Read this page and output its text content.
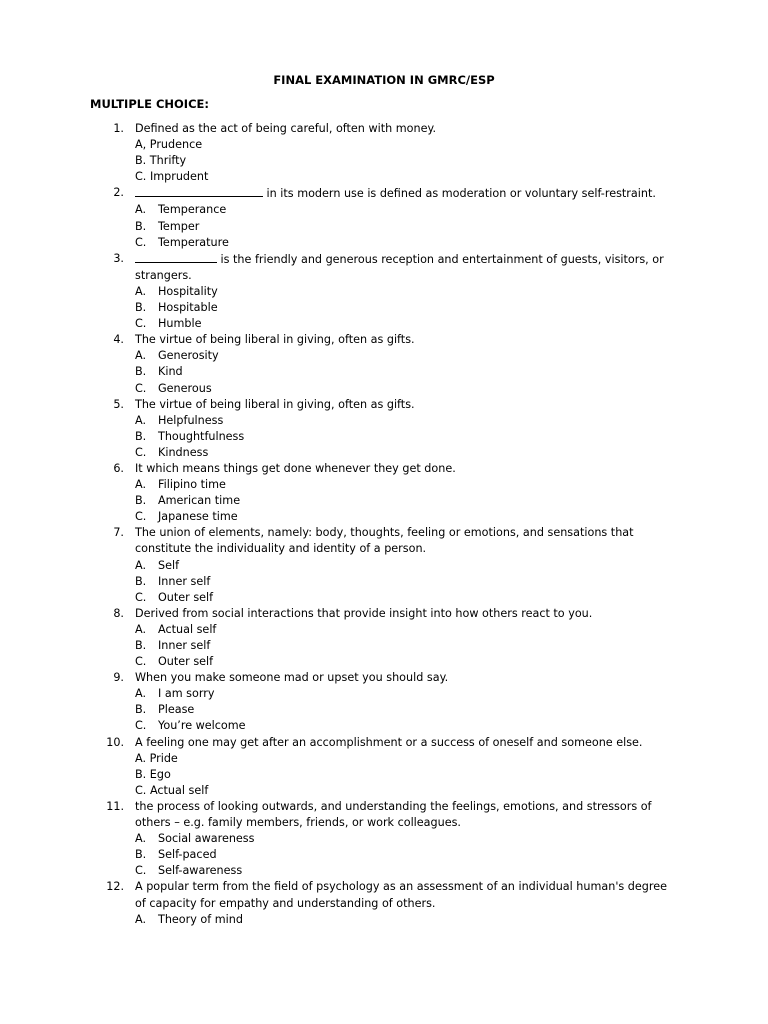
FINAL EXAMINATION IN GMRC/ESP
MULTIPLE CHOICE:
1. Defined as the act of being careful, often with money.
A, Prudence
B. Thrifty
C. Imprudent
2.	in its modern use is defined as moderation or voluntary self-restraint.
A. Temperance
B. Temper
C. Temperature
3.	is the friendly and generous reception and entertainment of guests, visitors, or strangers.
A. Hospitality
B. Hospitable
C. Humble
4. The virtue of being liberal in giving, often as gifts.
A. Generosity
B. Kind
C. Generous
5. The virtue of being liberal in giving, often as gifts.
A. Helpfulness
B. Thoughtfulness
C. Kindness
6. It which means things get done whenever they get done.
A. Filipino time
B. American time
C. Japanese time
7. The union of elements, namely: body, thoughts, feeling or emotions, and sensations that constitute the individuality and identity of a person.
A. Self
B. Inner self
C. Outer self
8. Derived from social interactions that provide insight into how others react to you.
A. Actual self
B. Inner self
C. Outer self
9. When you make someone mad or upset you should say.
A. I am sorry
B. Please
C. You’re welcome
10. A feeling one may get after an accomplishment or a success of oneself and someone else.
A. Pride
B. Ego
C. Actual self
11. the process of looking outwards, and understanding the feelings, emotions, and stressors of others – e.g. family members, friends, or work colleagues.
A. Social awareness
B. Self-paced
C. Self-awareness
12. A popular term from the field of psychology as an assessment of an individual human's degree of capacity for empathy and understanding of others.
A. Theory of mind
